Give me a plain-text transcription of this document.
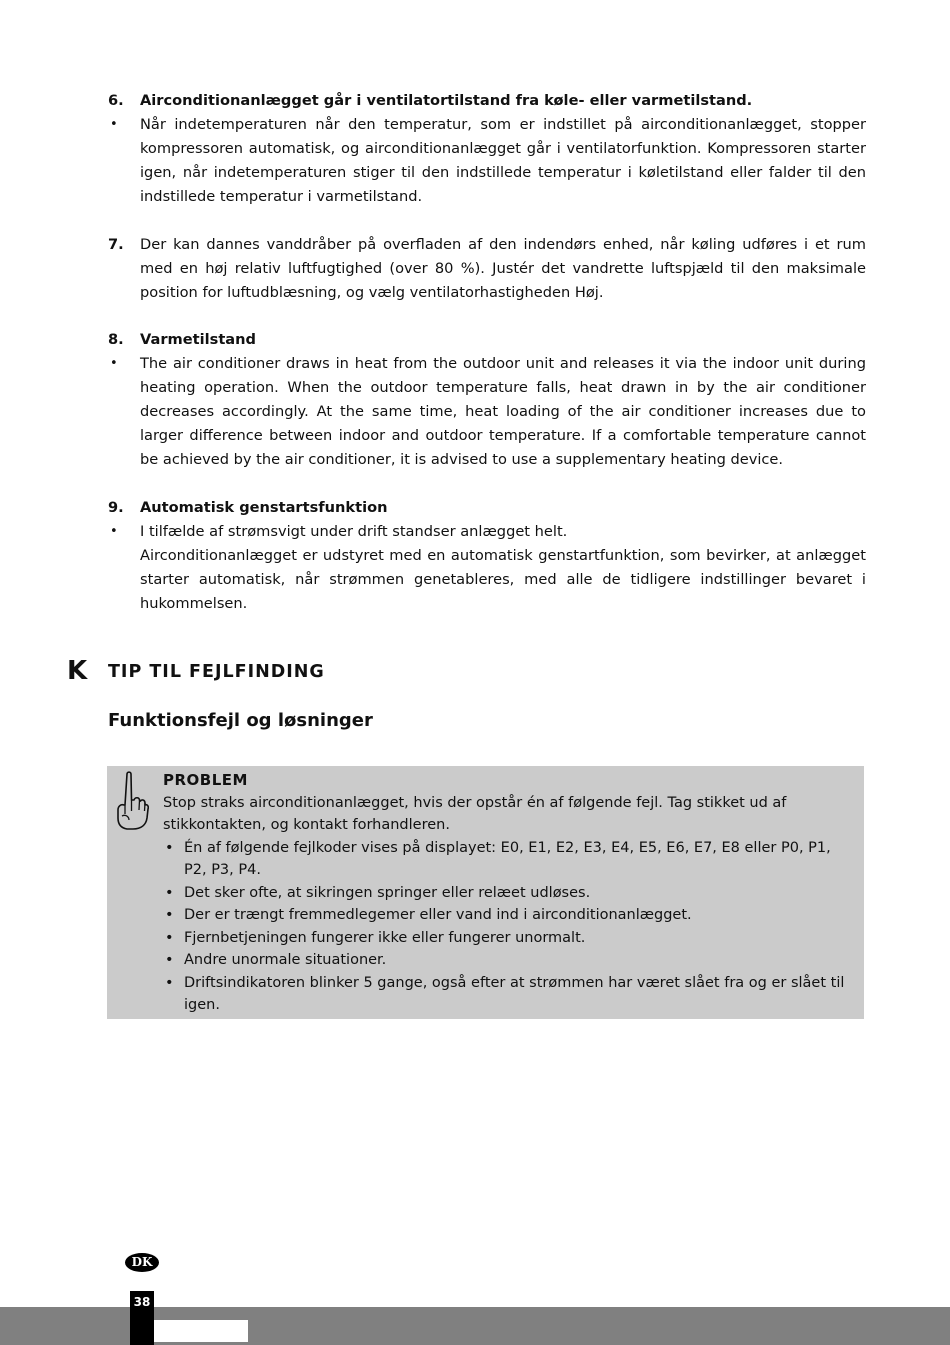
6.	Airconditionanlægget går i ventilatortilstand fra køle- eller varmetilstand.
•	Når indetemperaturen når den temperatur, som er indstillet på airconditionanlægget, stopper kompressoren automatisk, og airconditionanlægget går i ventilatorfunktion. Kompressoren starter igen, når indetemperaturen stiger til den indstillede temperatur i køletilstand eller falder til den indstillede temperatur i varmetilstand.
7.	Der kan dannes vanddråber på overfladen af den indendørs enhed, når køling udføres i et rum med en høj relativ luftfugtighed (over 80 %). Justér det vandrette luftspjæld til den maksimale position for luftudblæsning, og vælg ventilatorhastigheden Høj.
8.	Varmetilstand
•	The air conditioner draws in heat from the outdoor unit and releases it via the indoor unit during heating operation. When the outdoor temperature falls, heat drawn in by the air conditioner decreases accordingly. At the same time, heat loading of the air conditioner increases due to larger difference between indoor and outdoor temperature. If a comfortable temperature cannot be achieved by the air conditioner, it is advised to use a supplementary heating device.
9.	Automatisk genstartsfunktion
•	I tilfælde af strømsvigt under drift standser anlægget helt.
Airconditionanlægget er udstyret med en automatisk genstartfunktion, som bevirker, at anlægget starter automatisk, når strømmen genetableres, med alle de tidligere indstillinger bevaret i hukommelsen.
K TIP TIL FEJLFINDING
Funktionsfejl og løsninger
PROBLEM
Stop straks airconditionanlægget, hvis der opstår én af følgende fejl. Tag stikket ud af stikkontakten, og kontakt forhandleren.
• Én af følgende fejlkoder vises på displayet: E0, E1, E2, E3, E4, E5, E6, E7, E8 eller P0, P1, P2, P3, P4.
• Det sker ofte, at sikringen springer eller relæet udløses.
• Der er trængt fremmedlegemer eller vand ind i airconditionanlægget.
• Fjernbetjeningen fungerer ikke eller fungerer unormalt.
• Andre unormale situationer.
• Driftsindikatoren blinker 5 gange, også efter at strømmen har været slået fra og er slået til igen.
DK
38
